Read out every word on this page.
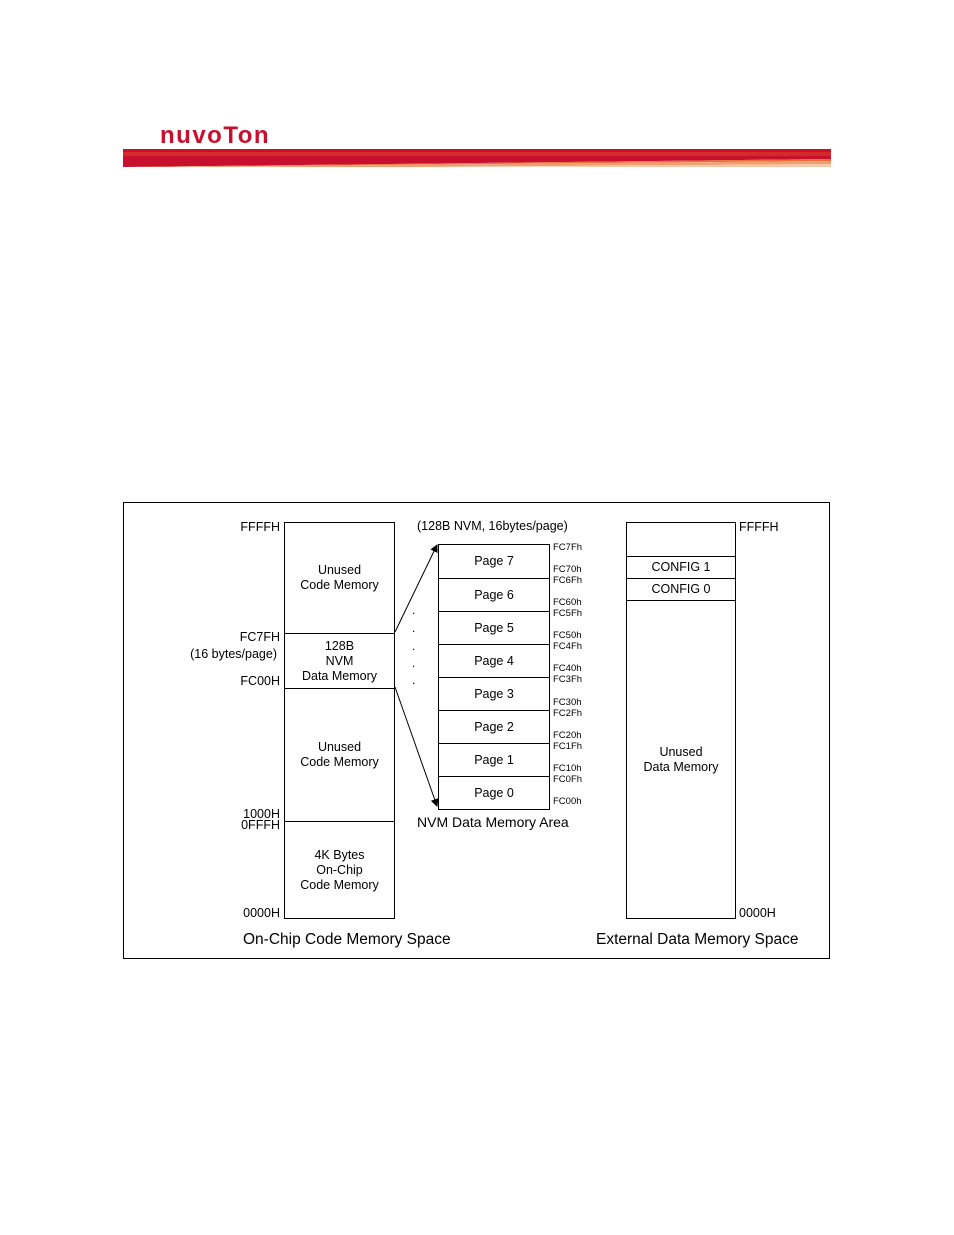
nuvoTon
Unused
Code Memory
128B
NVM
Data Memory
Unused
Code Memory
4K Bytes
On-Chip
Code Memory
FFFFH
FC7FH
(16 bytes/page)
FC00H
1000H
0FFFH
0000H
On-Chip Code Memory Space
.
.
.
.
.
(128B NVM, 16bytes/page)
Page 7
Page 6
Page 5
Page 4
Page 3
Page 2
Page 1
Page 0
FC7Fh
FC70h
FC6Fh
FC60h
FC5Fh
FC50h
FC4Fh
FC40h
FC3Fh
FC30h
FC2Fh
FC20h
FC1Fh
FC10h
FC0Fh
FC00h
NVM Data Memory Area
CONFIG 1
CONFIG 0
Unused
Data Memory
FFFFH
0000H
External Data Memory Space
